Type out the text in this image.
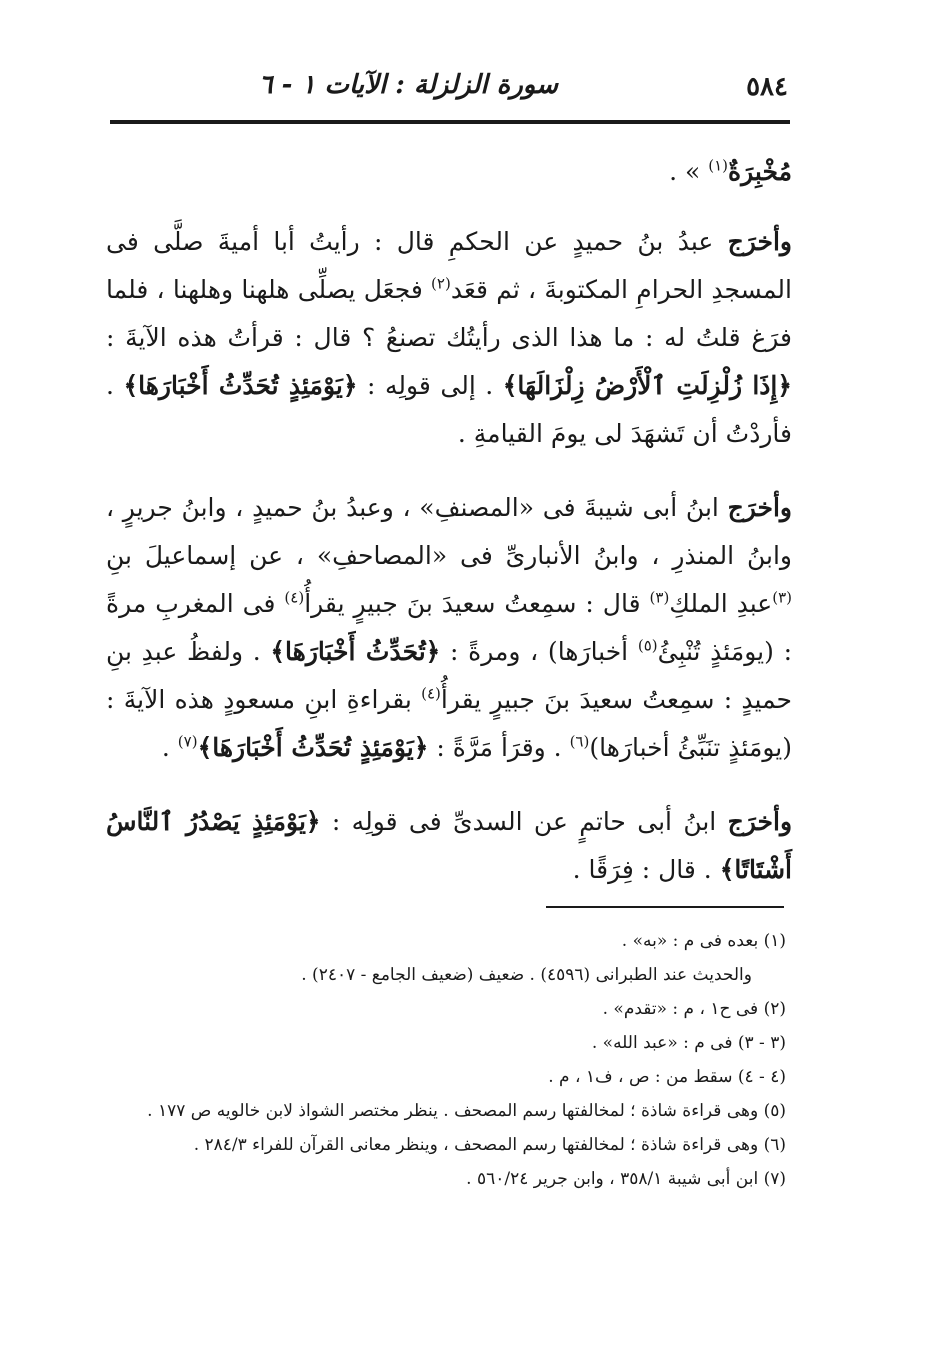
٥٨٤
سورة الزلزلة : الآيات ١ - ٦

مُخْبِرَةٌ$^{(١)}$ » .

وأخرَج عبدُ بنُ حميدٍ عن الحكمِ قال : رأيتُ أبا أميةَ صلَّى فى المسجدِ الحرامِ المكتوبةَ ، ثم قعَد$^{(٢)}$ فجعَل يصلِّى هلهنا وهلهنا ، فلما فرَغ قلتُ له : ما هذا الذى رأيتُك تصنعُ ؟ قال : قرأتُ هذه الآيةَ : ﴿إِذَا زُلْزِلَتِ ٱلْأَرْضُ زِلْزَالَهَا﴾ . إلى قولِه : ﴿يَوْمَئِذٍ تُحَدِّثُ أَخْبَارَهَا﴾ . فأردْتُ أن تَشهَدَ لى يومَ القيامةِ .

وأخرَج ابنُ أبى شيبةَ فى «المصنفِ» ، وعبدُ بنُ حميدٍ ، وابنُ جريرٍ ، وابنُ المنذرِ ، وابنُ الأنبارىِّ فى «المصاحفِ» ، عن إسماعيلَ بنِ $^{(٣)}$عبدِ الملكِ$^{(٣)}$ قال : سمِعتُ سعيدَ بنَ جبيرٍ يقرأُ$^{(٤)}$ فى المغربِ مرةً : (يومَئذٍ تُنْبِئُ$^{(٥)}$ أخبارَها) ، ومرةً : ﴿تُحَدِّثُ أَخْبَارَهَا﴾ . ولفظُ عبدِ بنِ حميدٍ : سمِعتُ سعيدَ بنَ جبيرٍ يقرأُ$^{(٤)}$ بقراءةِ ابنِ مسعودٍ هذه الآيةَ : (يومَئذٍ تنَبِّئُ أخبارَها)$^{(٦)}$ . وقرَأ مَرَّةً : ﴿يَوْمَئِذٍ تُحَدِّثُ أَخْبَارَهَا﴾$^{(٧)}$ .

وأخرَج ابنُ أبى حاتمٍ عن السدىِّ فى قولِه : ﴿يَوْمَئِذٍ يَصْدُرُ ٱلنَّاسُ أَشْتَاتًا﴾ . قال : فِرَقًا .

(١) بعده فى م : «به» .
والحديث عند الطبرانى (٤٥٩٦) . ضعيف (ضعيف الجامع - ٢٤٠٧) .
(٢) فى ح١ ، م : «تقدم» .
(٣ - ٣) فى م : «عبد الله» .
(٤ - ٤) سقط من : ص ، ف١ ، م .
(٥) وهى قراءة شاذة ؛ لمخالفتها رسم المصحف . ينظر مختصر الشواذ لابن خالويه ص ١٧٧ .
(٦) وهى قراءة شاذة ؛ لمخالفتها رسم المصحف ، وينظر معانى القرآن للفراء ٢٨٤/٣ .
(٧) ابن أبى شيبة ٣٥٨/١ ، وابن جرير ٥٦٠/٢٤ .
